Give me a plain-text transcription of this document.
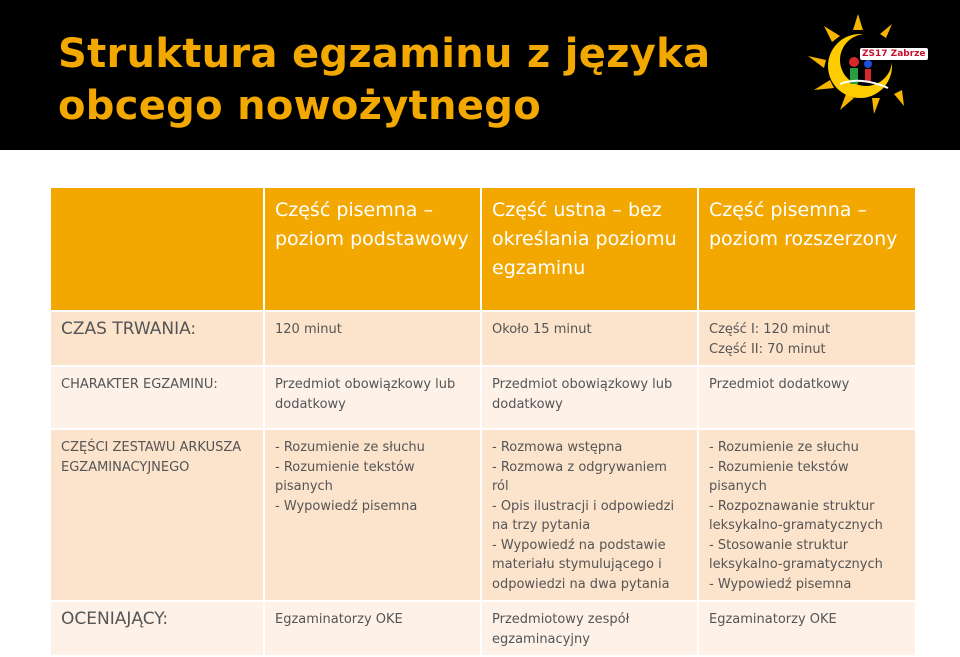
Struktura egzaminu z języka obcego nowożytnego
ZS17 Zabrze
	Część pisemna – poziom podstawowy	Część ustna – bez określania poziomu egzaminu	Część pisemna – poziom rozszerzony
CZAS TRWANIA:	120 minut	Około 15 minut	Część I: 120 minut
Część II: 70 minut
CHARAKTER EGZAMINU:	Przedmiot obowiązkowy lub dodatkowy	Przedmiot obowiązkowy lub dodatkowy	Przedmiot dodatkowy
CZĘŚCI ZESTAWU ARKUSZA EGZAMINACYJNEGO	- Rozumienie ze słuchu
- Rozumienie tekstów pisanych
- Wypowiedź pisemna	- Rozmowa wstępna
- Rozmowa z odgrywaniem ról
- Opis ilustracji i odpowiedzi na trzy pytania
- Wypowiedź na podstawie materiału stymulującego i odpowiedzi na dwa pytania	- Rozumienie ze słuchu
- Rozumienie tekstów pisanych
- Rozpoznawanie struktur leksykalno-gramatycznych
- Stosowanie struktur leksykalno-gramatycznych
- Wypowiedź pisemna
OCENIAJĄCY:	Egzaminatorzy OKE	Przedmiotowy zespół egzaminacyjny	Egzaminatorzy OKE
